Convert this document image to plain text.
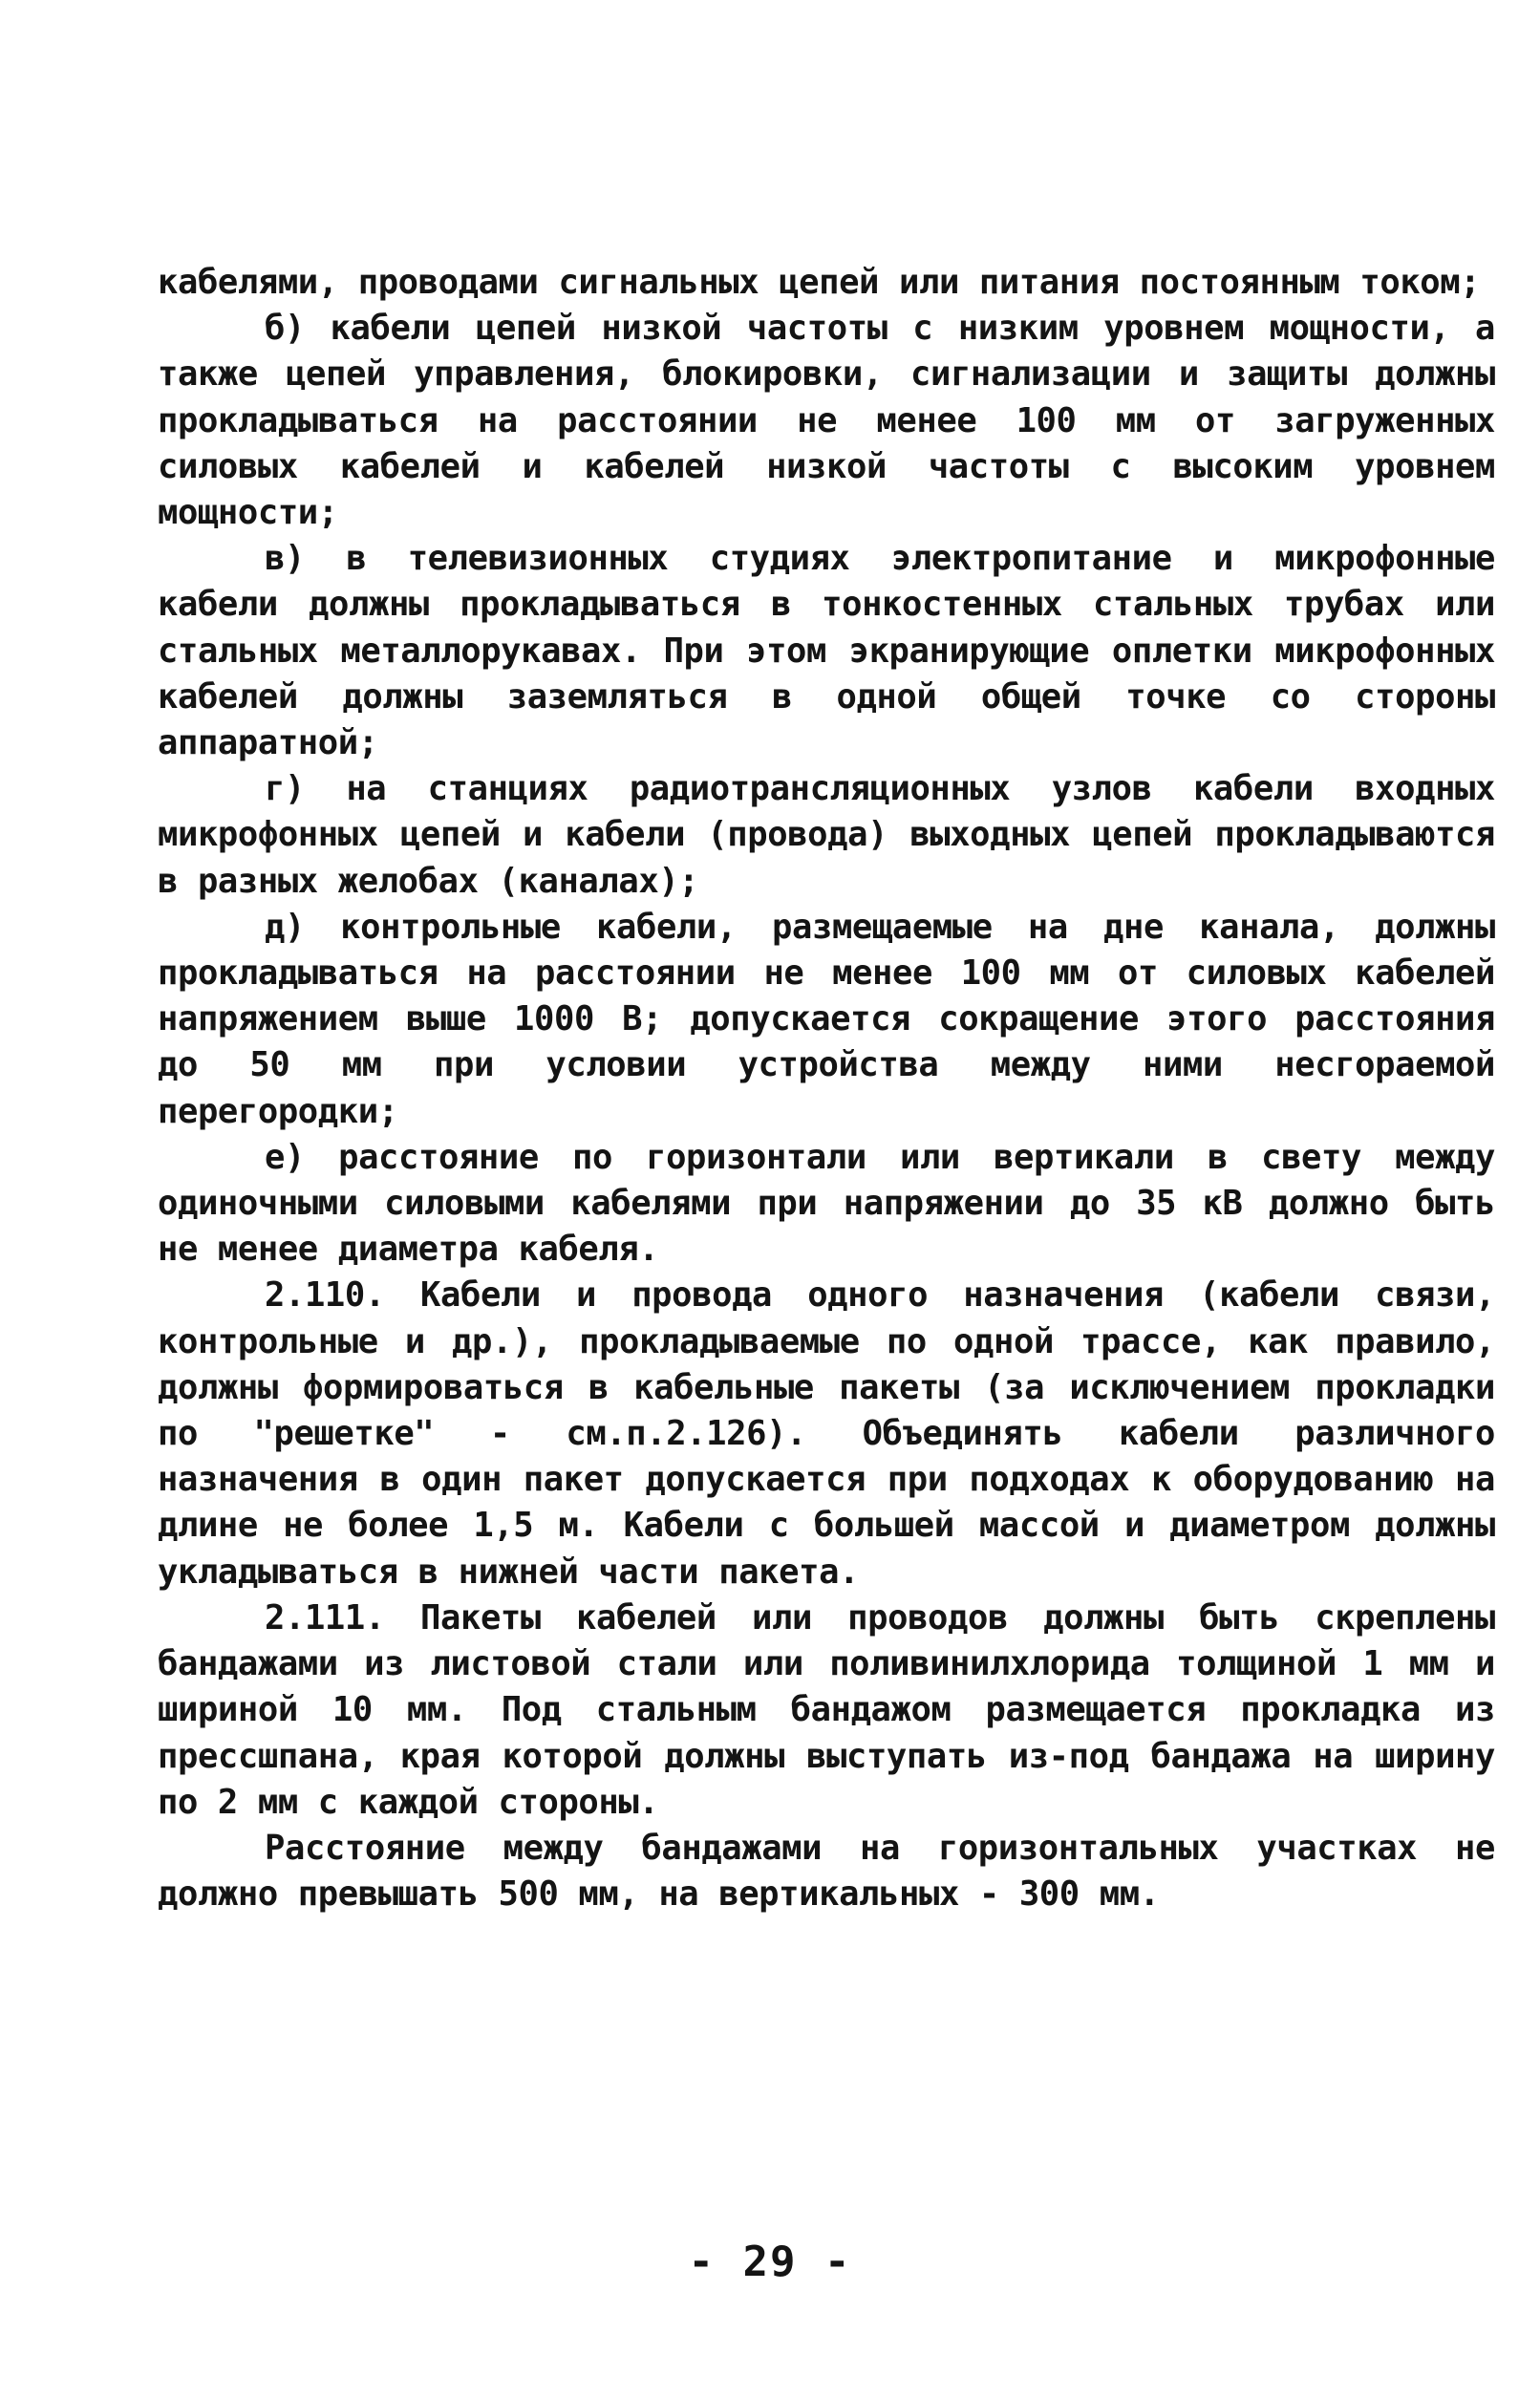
кабелями, проводами сигнальных цепей или питания постоянным током;

б) кабели цепей низкой частоты с низким уровнем мощности, а также цепей управления, блокировки, сигнализации и защиты должны прокладываться на расстоянии не менее 100 мм от загруженных силовых кабелей и кабелей низкой частоты с высоким уровнем мощности;

в) в телевизионных студиях электропитание и микрофонные кабели должны прокладываться в тонкостенных стальных трубах или стальных металлорукавах. При этом экранирующие оплетки микрофонных кабелей должны заземляться в одной общей точке со стороны аппаратной;

г) на станциях радиотрансляционных узлов кабели входных микрофонных цепей и кабели (провода) выходных цепей прокладываются в разных желобах (каналах);

д) контрольные кабели, размещаемые на дне канала, должны прокладываться на расстоянии не менее 100 мм от силовых кабелей напряжением выше 1000 В; допускается сокращение этого расстояния до 50 мм при условии устройства между ними несгораемой перегородки;

е) расстояние по горизонтали или вертикали в свету между одиночными силовыми кабелями при напряжении до 35 кВ должно быть не менее диаметра кабеля.

2.110. Кабели и провода одного назначения (кабели связи, контрольные и др.), прокладываемые по одной трассе, как правило, должны формироваться в кабельные пакеты (за исключением прокладки по "решетке" - см.п.2.126). Объединять кабели различного назначения в один пакет допускается при подходах к оборудованию на длине не более 1,5 м. Кабели с большей массой и диаметром должны укладываться в нижней части пакета.

2.111. Пакеты кабелей или проводов должны быть скреплены бандажами из листовой стали или поливинилхлорида толщиной 1 мм и шириной 10 мм. Под стальным бандажом размещается прокладка из прессшпана, края которой должны выступать из-под бандажа на ширину по 2 мм с каждой стороны.

Расстояние между бандажами на горизонтальных участках не должно превышать 500 мм, на вертикальных - 300 мм.

- 29 -
